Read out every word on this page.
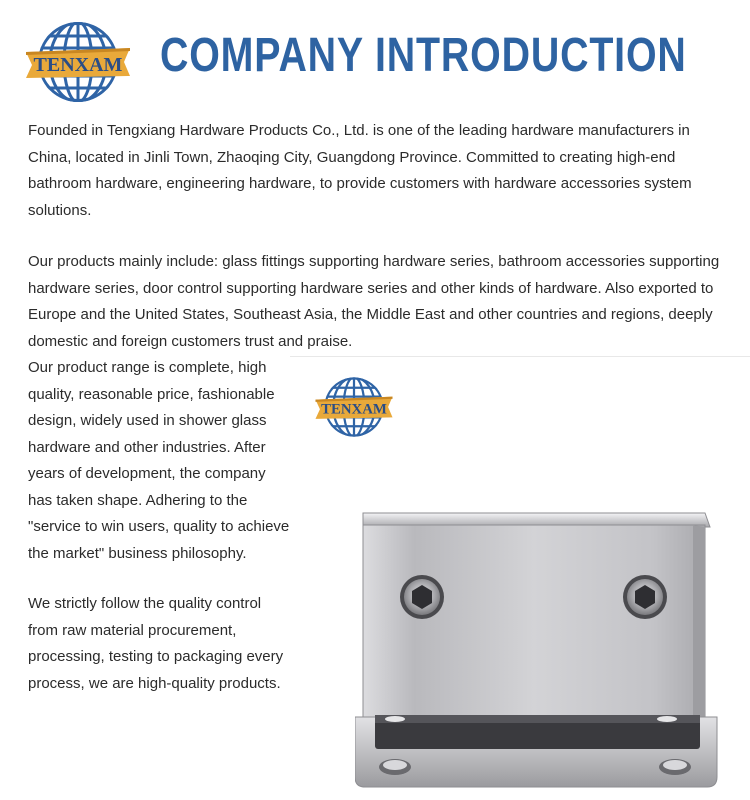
TENXAM COMPANY INTRODUCTION

Founded in Tengxiang Hardware Products Co., Ltd. is one of the leading hardware manufacturers in China, located in Jinli Town, Zhaoqing City, Guangdong Province. Committed to creating high-end bathroom hardware, engineering hardware, to provide customers with hardware accessories system solutions.

Our products mainly include: glass fittings supporting hardware series, bathroom accessories supporting hardware series, door control supporting hardware series and other kinds of hardware. Also exported to Europe and the United States, Southeast Asia, the Middle East and other countries and regions, deeply domestic and foreign customers trust and praise.

Our product range is complete, high quality, reasonable price, fashionable design, widely used in shower glass hardware and other industries. After years of development, the company has taken shape. Adhering to the "service to win users, quality to achieve the market" business philosophy.

TENXAM

We strictly follow the quality control from raw material procurement, processing, testing to packaging every process, we are high-quality products.
